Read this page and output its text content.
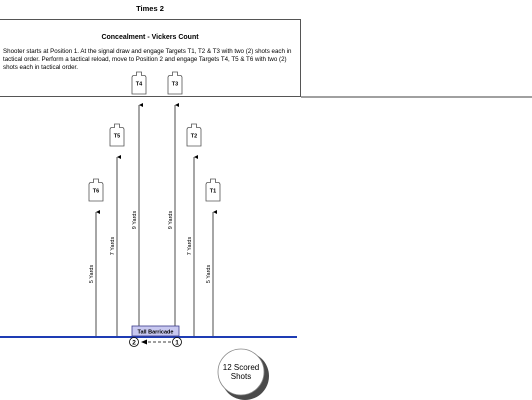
Times 2
Concealment - Vickers Count
Shooter starts at Position 1. At the signal draw and engage Targets T1, T2 & T3 with two (2) shots each in tactical order. Perform a tactical reload, move to Position 2 and engage Targets T4, T5 & T6 with two (2) shots each in tactical order.
5 Yards
7 Yards
9 Yards
9 Yards
7 Yards
5 Yards
T1
T2
T3
T4
T5
T6
Tall Barricade
2	1
12 Scored
Shots
